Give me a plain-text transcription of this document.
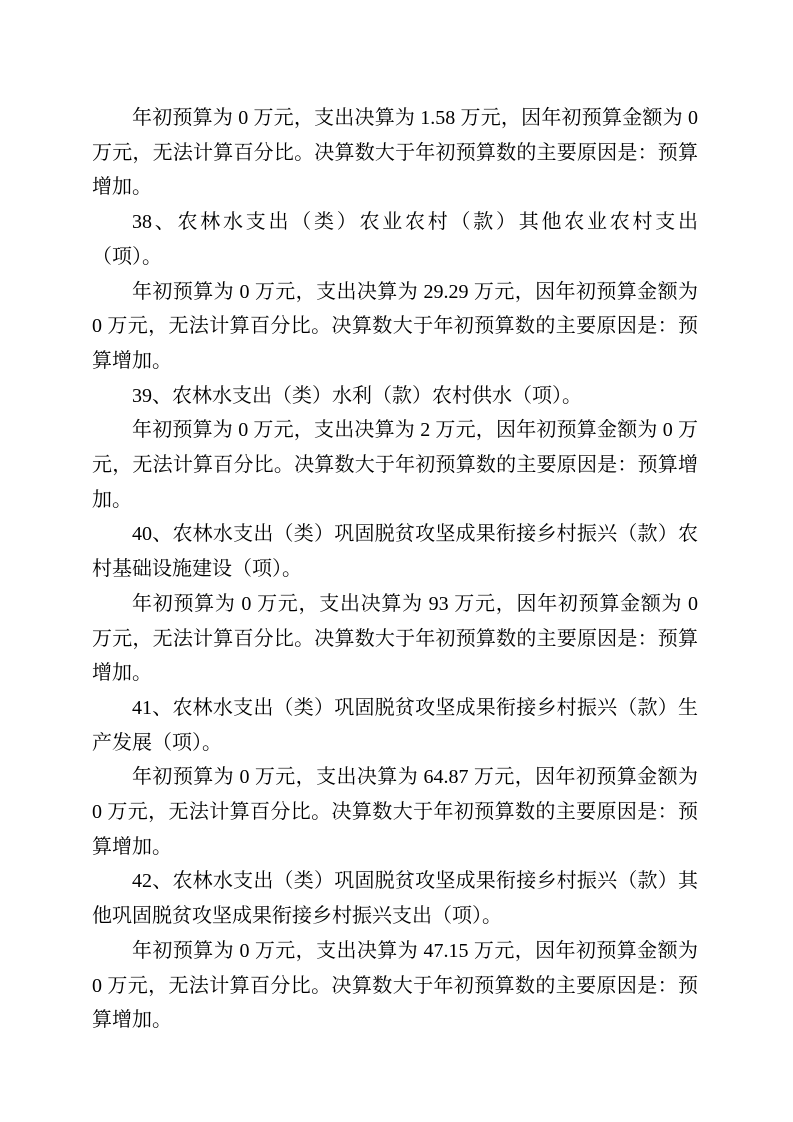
年初预算为 0 万元，支出决算为 1.58 万元，因年初预算金额为 0 万元，无法计算百分比。决算数大于年初预算数的主要原因是：预算增加。

38、农林水支出（类）农业农村（款）其他农业农村支出（项）。

年初预算为 0 万元，支出决算为 29.29 万元，因年初预算金额为 0 万元，无法计算百分比。决算数大于年初预算数的主要原因是：预算增加。

39、农林水支出（类）水利（款）农村供水（项）。

年初预算为 0 万元，支出决算为 2 万元，因年初预算金额为 0 万元，无法计算百分比。决算数大于年初预算数的主要原因是：预算增加。

40、农林水支出（类）巩固脱贫攻坚成果衔接乡村振兴（款）农村基础设施建设（项）。

年初预算为 0 万元，支出决算为 93 万元，因年初预算金额为 0 万元，无法计算百分比。决算数大于年初预算数的主要原因是：预算增加。

41、农林水支出（类）巩固脱贫攻坚成果衔接乡村振兴（款）生产发展（项）。

年初预算为 0 万元，支出决算为 64.87 万元，因年初预算金额为 0 万元，无法计算百分比。决算数大于年初预算数的主要原因是：预算增加。

42、农林水支出（类）巩固脱贫攻坚成果衔接乡村振兴（款）其他巩固脱贫攻坚成果衔接乡村振兴支出（项）。

年初预算为 0 万元，支出决算为 47.15 万元，因年初预算金额为 0 万元，无法计算百分比。决算数大于年初预算数的主要原因是：预算增加。
